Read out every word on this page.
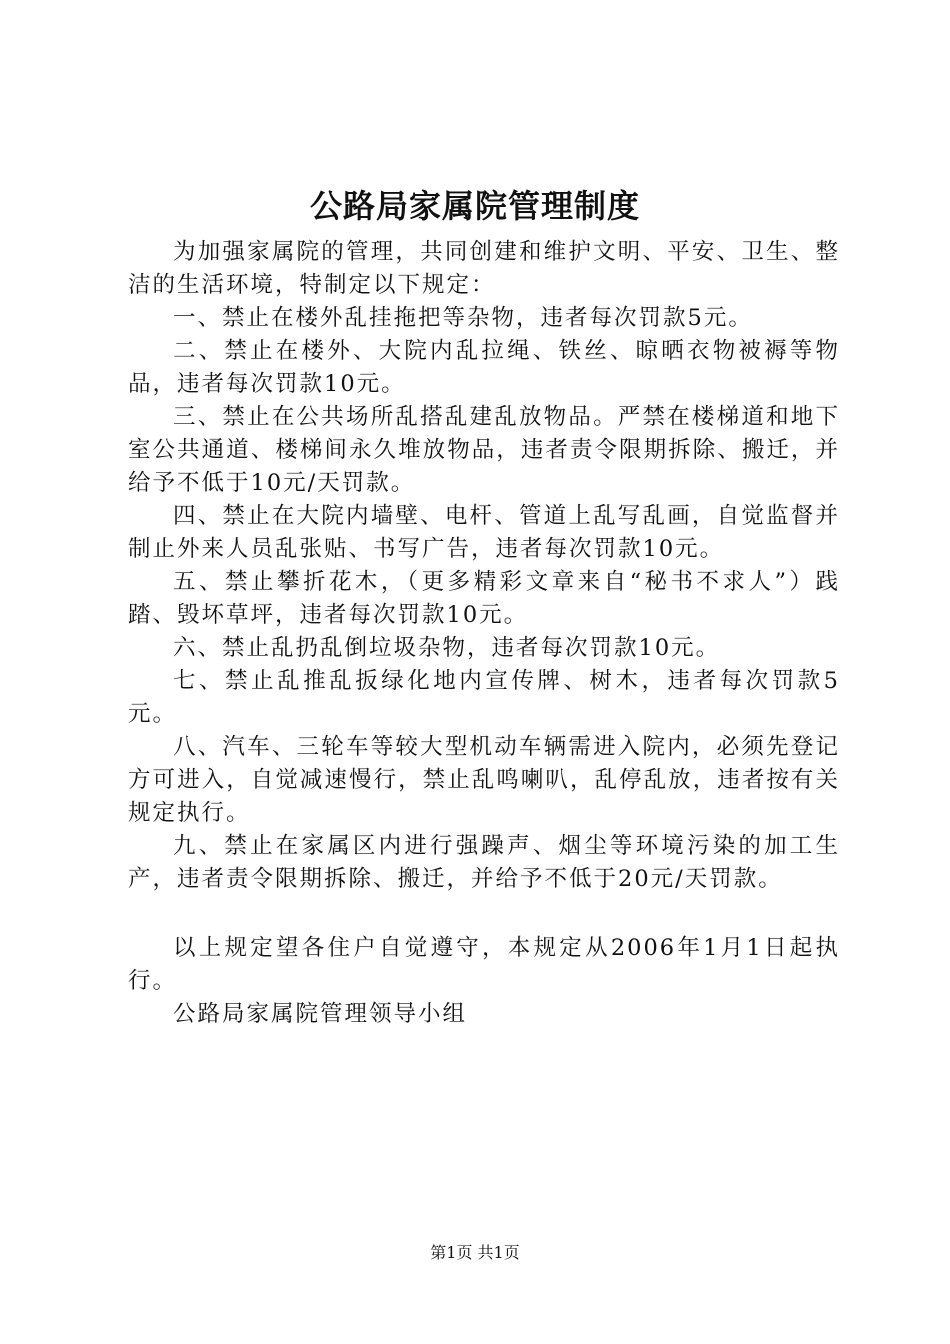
公路局家属院管理制度

为加强家属院的管理，共同创建和维护文明、平安、卫生、整洁的生活环境，特制定以下规定：

一、禁止在楼外乱挂拖把等杂物，违者每次罚款5元。

二、禁止在楼外、大院内乱拉绳、铁丝、晾晒衣物被褥等物品，违者每次罚款10元。

三、禁止在公共场所乱搭乱建乱放物品。严禁在楼梯道和地下室公共通道、楼梯间永久堆放物品，违者责令限期拆除、搬迁，并给予不低于10元/天罚款。

四、禁止在大院内墙壁、电杆、管道上乱写乱画，自觉监督并制止外来人员乱张贴、书写广告，违者每次罚款10元。

五、禁止攀折花木，（更多精彩文章来自“秘书不求人”）践踏、毁坏草坪，违者每次罚款10元。

六、禁止乱扔乱倒垃圾杂物，违者每次罚款10元。

七、禁止乱推乱扳绿化地内宣传牌、树木，违者每次罚款5元。

八、汽车、三轮车等较大型机动车辆需进入院内，必须先登记方可进入，自觉减速慢行，禁止乱鸣喇叭，乱停乱放，违者按有关规定执行。

九、禁止在家属区内进行强躁声、烟尘等环境污染的加工生产，违者责令限期拆除、搬迁，并给予不低于20元/天罚款。

以上规定望各住户自觉遵守，本规定从2006年1月1日起执行。

公路局家属院管理领导小组

第1页 共1页
